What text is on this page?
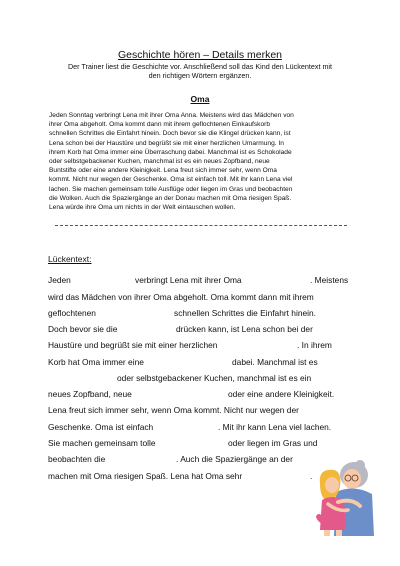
Geschichte hören – Details merken
Der Trainer liest die Geschichte vor. Anschließend soll das Kind den Lückentext mit
den richtigen Wörtern ergänzen.
Oma
Jeden Sonntag verbringt Lena mit ihrer Oma Anna. Meistens wird das Mädchen von
ihrer Oma abgeholt. Oma kommt dann mit ihrem geflochtenen Einkaufskorb
schnellen Schrittes die Einfahrt hinein. Doch bevor sie die Klingel drücken kann, ist
Lena schon bei der Haustüre und begrüßt sie mit einer herzlichen Umarmung. In
ihrem Korb hat Oma immer eine Überraschung dabei. Manchmal ist es Schokolade
oder selbstgebackener Kuchen, manchmal ist es ein neues Zopfband, neue
Buntstifte oder eine andere Kleinigkeit. Lena freut sich immer sehr, wenn Oma
kommt. Nicht nur wegen der Geschenke. Oma ist einfach toll. Mit ihr kann Lena viel
lachen. Sie machen gemeinsam tolle Ausflüge oder liegen im Gras und beobachten
die Wolken. Auch die Spaziergänge an der Donau machen mit Oma riesigen Spaß.
Lena würde ihre Oma um nichts in der Welt eintauschen wollen.
Lückentext:
Jeden	verbringt Lena mit ihrer Oma	. Meistens
wird das Mädchen von ihrer Oma abgeholt. Oma kommt dann mit ihrem
geflochtenen	schnellen Schrittes die Einfahrt hinein.
Doch bevor sie die	drücken kann, ist Lena schon bei der
Haustüre und begrüßt sie mit einer herzlichen	. In ihrem
Korb hat Oma immer eine	dabei. Manchmal ist es
oder selbstgebackener Kuchen, manchmal ist es ein
neues Zopfband, neue	oder eine andere Kleinigkeit.
Lena freut sich immer sehr, wenn Oma kommt. Nicht nur wegen der
Geschenke. Oma ist einfach	. Mit ihr kann Lena viel lachen.
Sie machen gemeinsam tolle	oder liegen im Gras und
beobachten die	. Auch die Spaziergänge an der
machen mit Oma riesigen Spaß. Lena hat Oma sehr	.
